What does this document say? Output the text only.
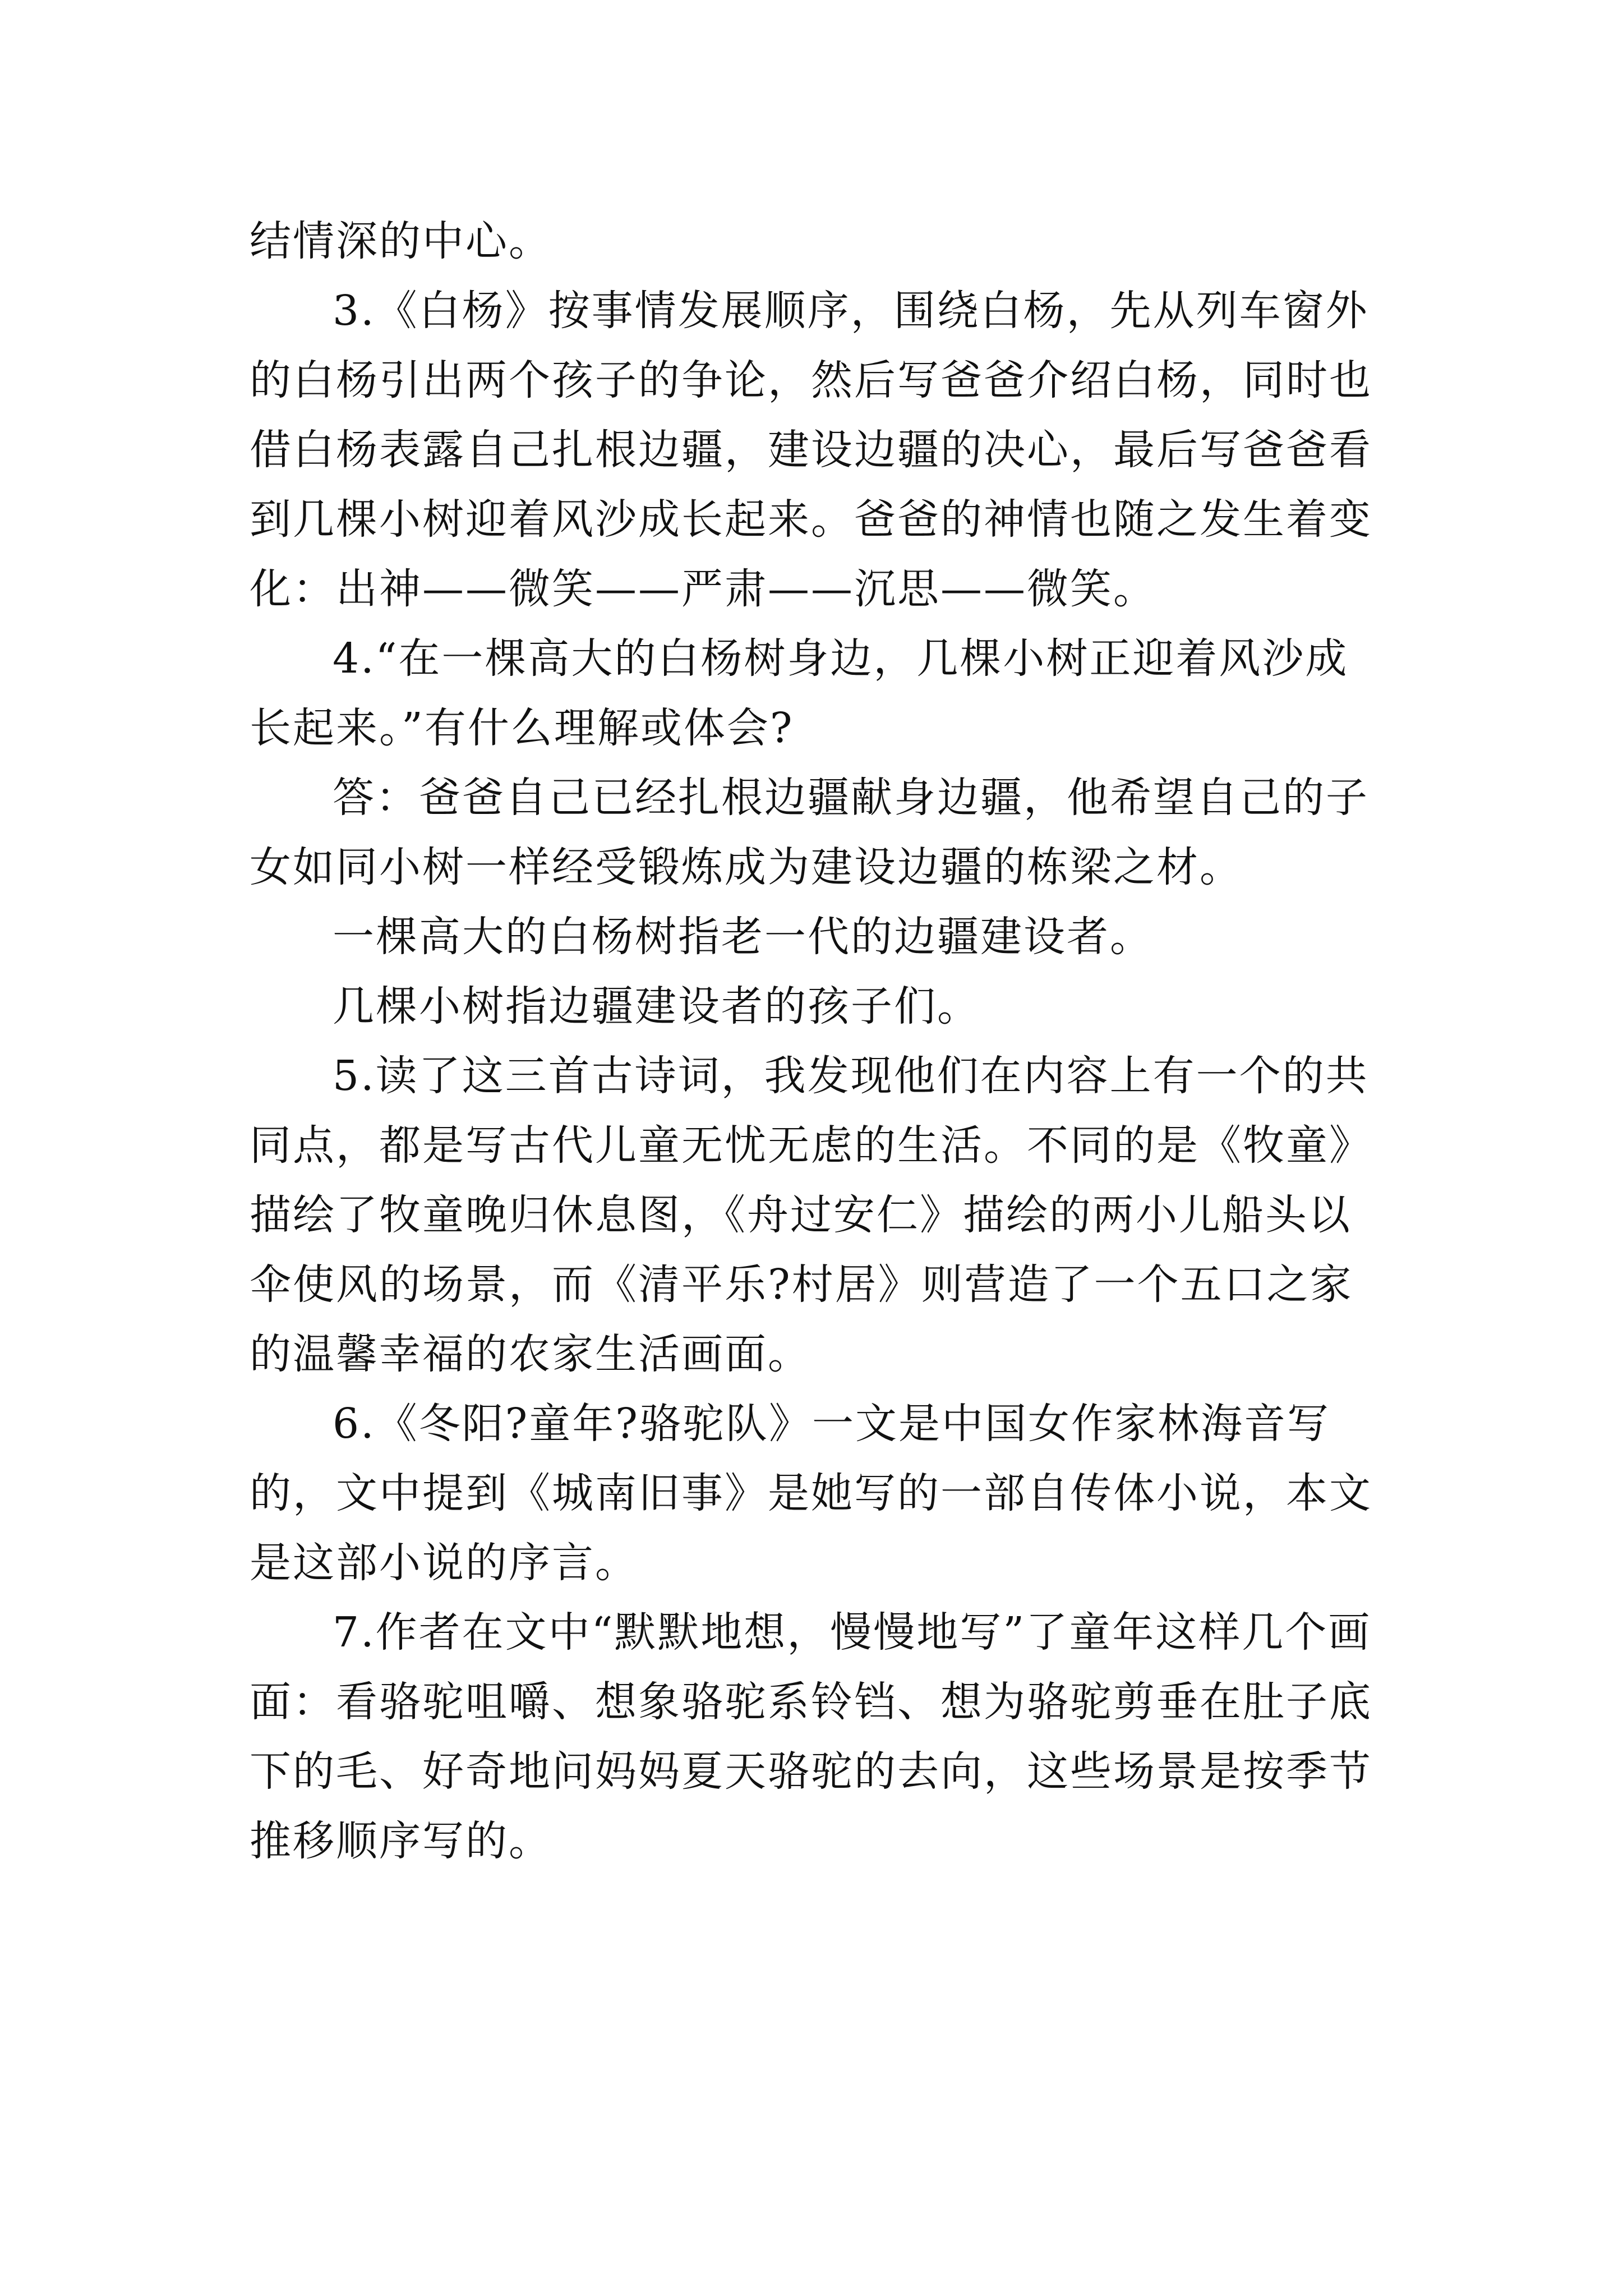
结情深的中心。

3.《白杨》按事情发展顺序，围绕白杨，先从列车窗外的白杨引出两个孩子的争论，然后写爸爸介绍白杨，同时也借白杨表露自己扎根边疆，建设边疆的决心，最后写爸爸看到几棵小树迎着风沙成长起来。爸爸的神情也随之发生着变化：出神——微笑——严肃——沉思——微笑。

4.“在一棵高大的白杨树身边，几棵小树正迎着风沙成长起来。”有什么理解或体会?

答：爸爸自己已经扎根边疆献身边疆，他希望自己的子女如同小树一样经受锻炼成为建设边疆的栋梁之材。

一棵高大的白杨树指老一代的边疆建设者。

几棵小树指边疆建设者的孩子们。

5.读了这三首古诗词，我发现他们在内容上有一个的共同点，都是写古代儿童无忧无虑的生活。不同的是《牧童》描绘了牧童晚归休息图，《舟过安仁》描绘的两小儿船头以伞使风的场景，而《清平乐?村居》则营造了一个五口之家的温馨幸福的农家生活画面。

6.《冬阳?童年?骆驼队》一文是中国女作家林海音写的，文中提到《城南旧事》是她写的一部自传体小说，本文是这部小说的序言。

7.作者在文中“默默地想，慢慢地写”了童年这样几个画面：看骆驼咀嚼、想象骆驼系铃铛、想为骆驼剪垂在肚子底下的毛、好奇地问妈妈夏天骆驼的去向，这些场景是按季节推移顺序写的。
